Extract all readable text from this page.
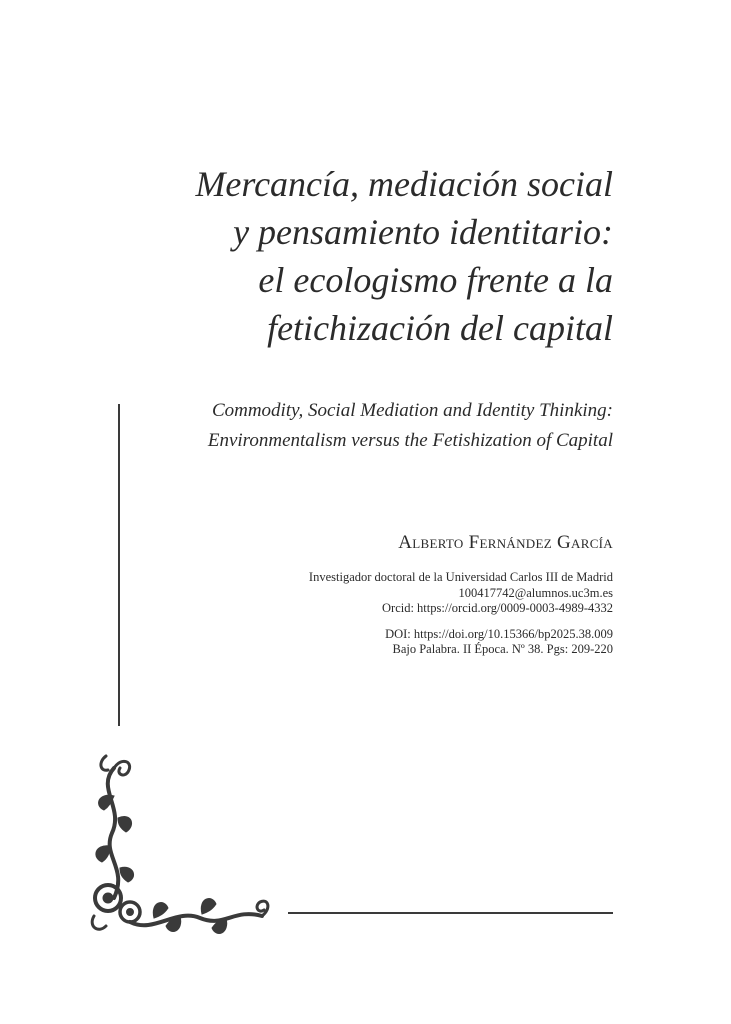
Mercancía, mediación social
y pensamiento identitario:
el ecologismo frente a la
fetichización del capital
Commodity, Social Mediation and Identity Thinking:
Environmentalism versus the Fetishization of Capital
Alberto Fernández García
Investigador doctoral de la Universidad Carlos III de Madrid
100417742@alumnos.uc3m.es
Orcid: https://orcid.org/0009-0003-4989-4332
DOI: https://doi.org/10.15366/bp2025.38.009
Bajo Palabra. II Época. Nº 38. Pgs: 209-220
